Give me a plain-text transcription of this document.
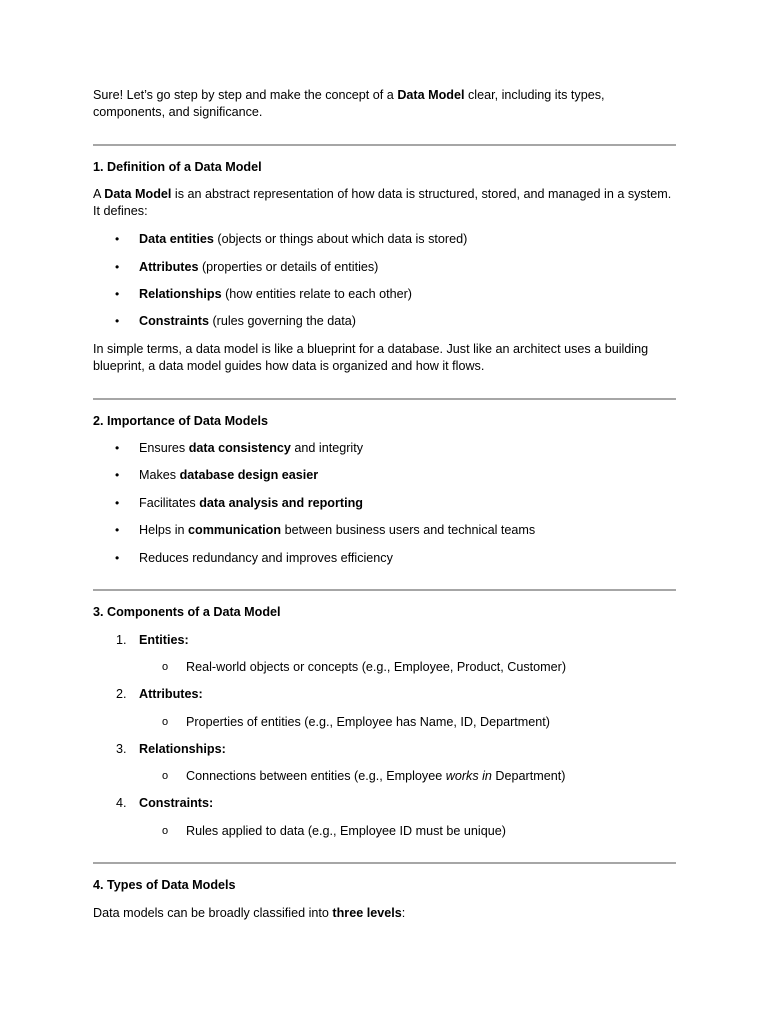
Sure! Let’s go step by step and make the concept of a Data Model clear, including its types, components, and significance.

1. Definition of a Data Model

A Data Model is an abstract representation of how data is structured, stored, and managed in a system. It defines:

•	Data entities (objects or things about which data is stored)
•	Attributes (properties or details of entities)
•	Relationships (how entities relate to each other)
•	Constraints (rules governing the data)

In simple terms, a data model is like a blueprint for a database. Just like an architect uses a building blueprint, a data model guides how data is organized and how it flows.

2. Importance of Data Models

•	Ensures data consistency and integrity
•	Makes database design easier
•	Facilitates data analysis and reporting
•	Helps in communication between business users and technical teams
•	Reduces redundancy and improves efficiency

3. Components of a Data Model

1. Entities:
o Real-world objects or concepts (e.g., Employee, Product, Customer)
2. Attributes:
o Properties of entities (e.g., Employee has Name, ID, Department)
3. Relationships:
o Connections between entities (e.g., Employee works in Department)
4. Constraints:
o Rules applied to data (e.g., Employee ID must be unique)

4. Types of Data Models

Data models can be broadly classified into three levels:
